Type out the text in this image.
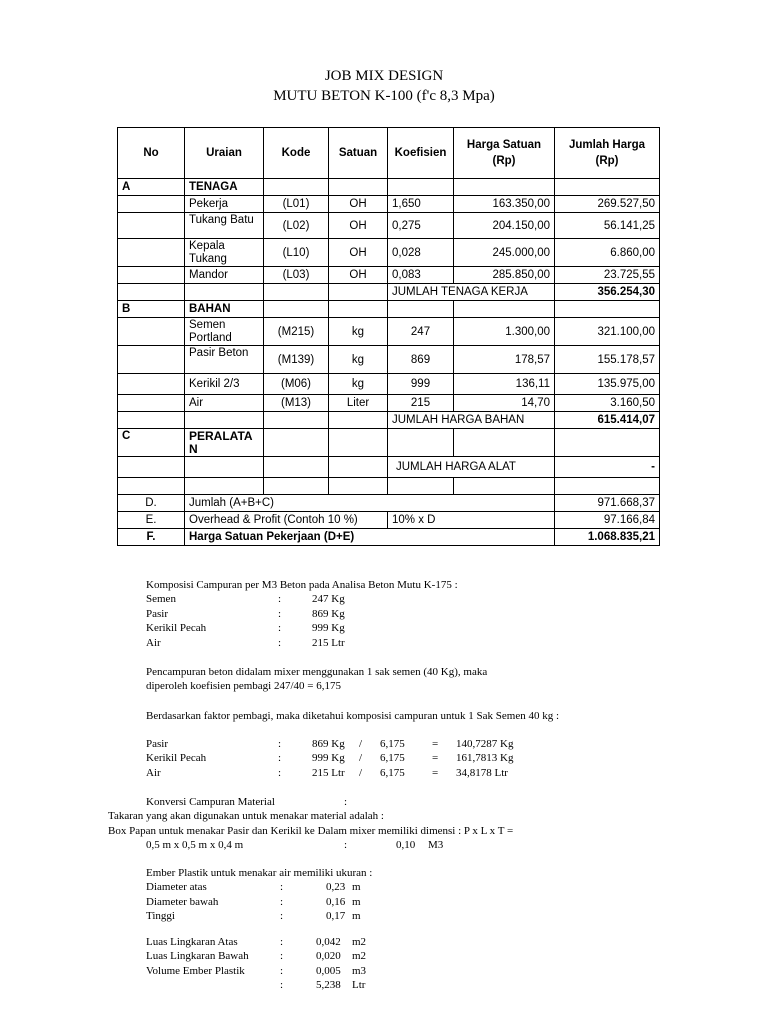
JOB MIX DESIGN
MUTU BETON K-100 (f'c 8,3 Mpa)
No	Uraian	Kode	Satuan	Koefisien	Harga Satuan (Rp)	Jumlah Harga (Rp)
A	TENAGA					
	Pekerja	(L01)	OH	1,650	163.350,00	269.527,50
	Tukang Batu	(L02)	OH	0,275	204.150,00	56.141,25
	Kepala Tukang	(L10)	OH	0,028	245.000,00	6.860,00
	Mandor	(L03)	OH	0,083	285.850,00	23.725,55
				JUMLAH TENAGA KERJA		356.254,30
B	BAHAN					
	Semen Portland	(M215)	kg	247	1.300,00	321.100,00
	Pasir Beton	(M139)	kg	869	178,57	155.178,57
	Kerikil 2/3	(M06)	kg	999	136,11	135.975,00
	Air	(M13)	Liter	215	14,70	3.160,50
				JUMLAH HARGA BAHAN		615.414,07
C	PERALATAN					
				JUMLAH HARGA ALAT		-

D.	Jumlah (A+B+C)					971.668,37
E.	Overhead & Profit (Contoh 10 %)			10% x D		97.166,84
F.	Harga Satuan Pekerjaan (D+E)					1.068.835,21
Komposisi Campuran per M3 Beton pada Analisa Beton Mutu K-175 :
Semen	:	247 Kg
Pasir	:	869 Kg
Kerikil Pecah	:	999 Kg
Air	:	215 Ltr
Pencampuran beton didalam mixer menggunakan 1 sak semen (40 Kg), maka
diperoleh koefisien pembagi 247/40 = 6,175
Berdasarkan faktor pembagi, maka diketahui komposisi campuran untuk 1 Sak Semen 40 kg :
Pasir	:	869 Kg / 6,175 = 140,7287 Kg
Kerikil Pecah	:	999 Kg / 6,175 = 161,7813 Kg
Air	:	215 Ltr / 6,175 = 34,8178 Ltr
Konversi Campuran Material	:
Takaran yang akan digunakan untuk menakar material adalah :
Box Papan untuk menakar Pasir dan Kerikil ke Dalam mixer memiliki dimensi : P x L x T =
0,5 m x 0,5 m x 0,4 m	:	0,10 M3
Ember Plastik untuk menakar air memiliki ukuran :
Diameter atas	:	0,23 m
Diameter bawah	:	0,16 m
Tinggi	:	0,17 m
Luas Lingkaran Atas	:	0,042 m2
Luas Lingkaran Bawah	:	0,020 m2
Volume Ember Plastik	:	0,005 m3
:	5,238 Ltr
